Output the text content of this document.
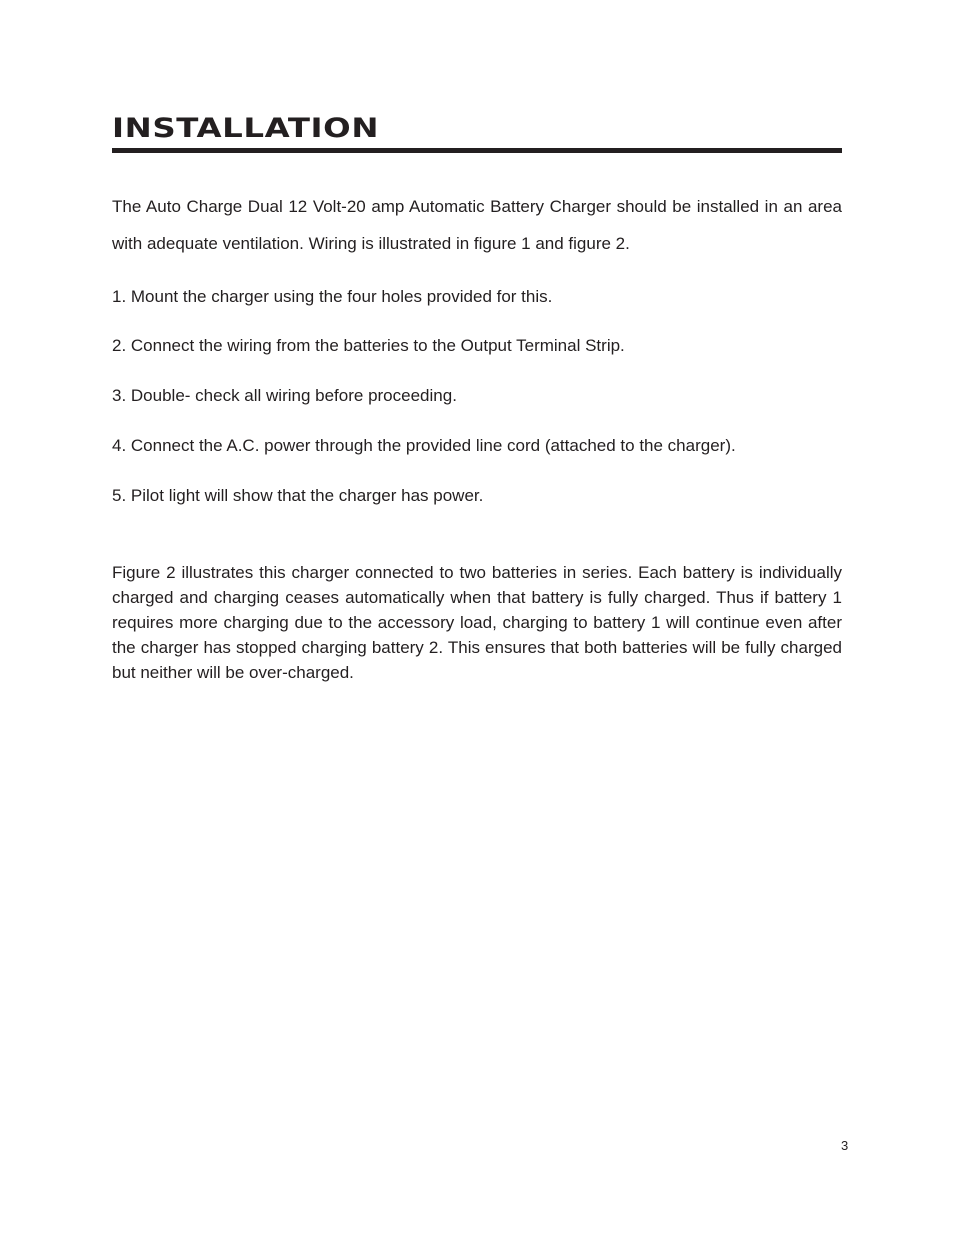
INSTALLATION

The Auto Charge Dual 12 Volt-20 amp Automatic Battery Charger should be installed in an area with adequate ventilation. Wiring is illustrated in figure 1 and figure 2.

1. Mount the charger using the four holes provided for this.

2. Connect the wiring from the batteries to the Output Terminal Strip.

3. Double- check all wiring before proceeding.

4. Connect the A.C. power through the provided line cord (attached to the charger).

5. Pilot light will show that the charger has power.

Figure 2 illustrates this charger connected to two batteries in series. Each battery is individually charged and charging ceases automatically when that battery is fully charged. Thus if battery 1 requires more charging due to the accessory load, charging to battery 1 will continue even after the charger has stopped charging battery 2. This ensures that both batteries will be fully charged but neither will be over-charged.

3
